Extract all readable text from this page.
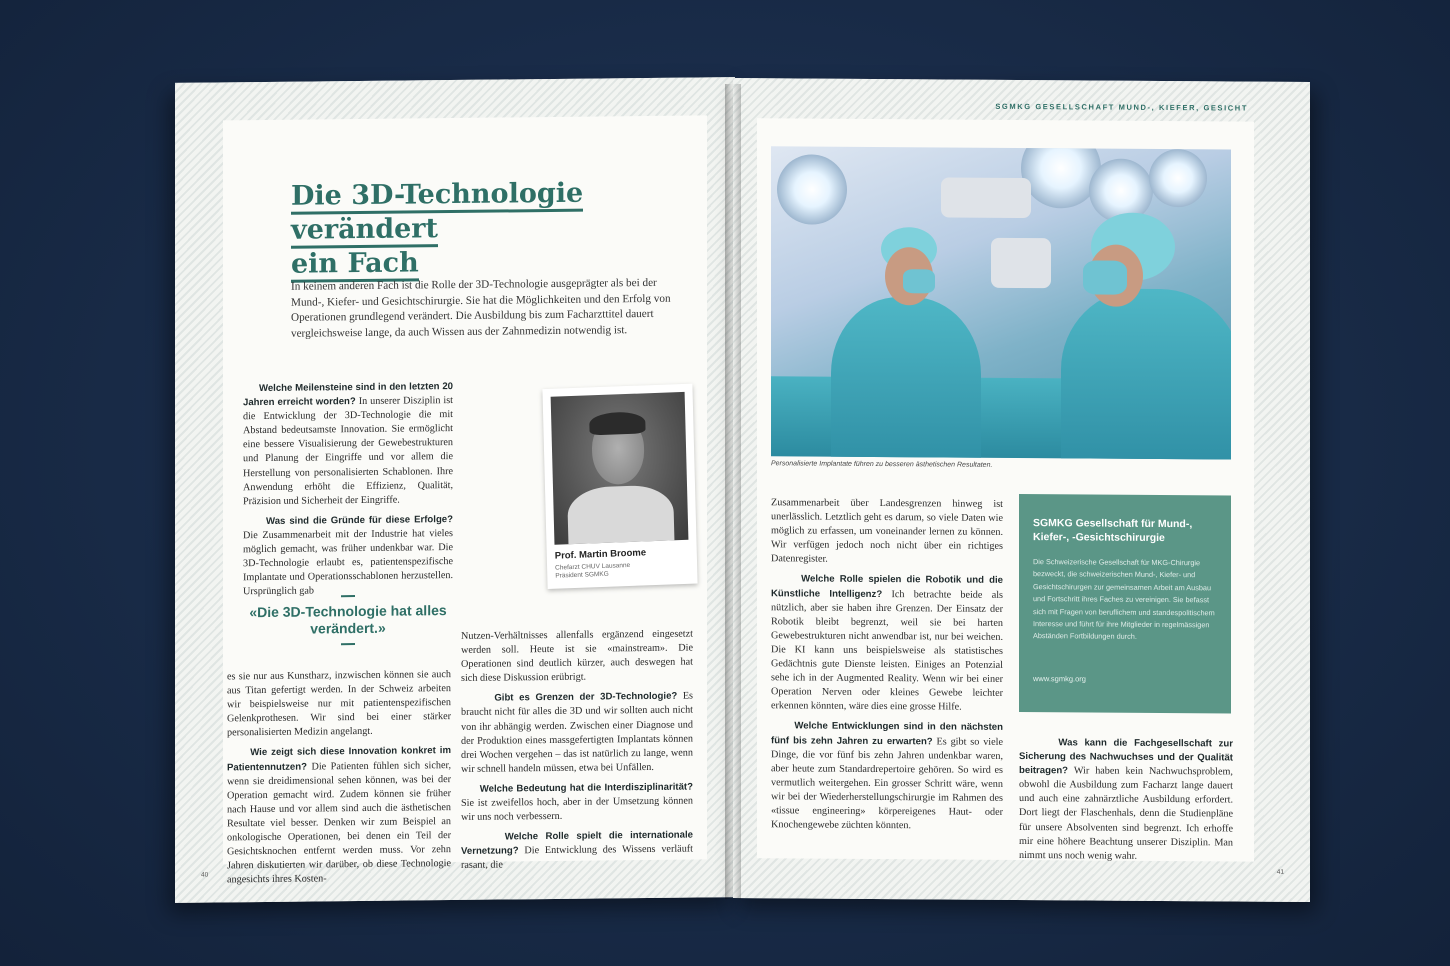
Die 3D-Technologie verändert
ein Fach
In keinem anderen Fach ist die Rolle der 3D-Technologie ausgeprägter als bei der Mund-, Kiefer- und Gesichtschirurgie. Sie hat die Möglichkeiten und den Erfolg von Operationen grundlegend verändert. Die Ausbildung bis zum Facharzttitel dauert vergleichsweise lange, da auch Wissen aus der Zahnmedizin notwendig ist.
Welche Meilensteine sind in den letzten 20 Jahren erreicht worden? In unserer Disziplin ist die Entwicklung der 3D-Technologie die mit Abstand bedeutsamste Innovation. Sie ermöglicht eine bessere Visualisierung der Gewebestrukturen und Planung der Eingriffe und vor allem die Herstellung von personalisierten Schablonen. Ihre Anwendung erhöht die Effizienz, Qualität, Präzision und Sicherheit der Eingriffe.

Was sind die Gründe für diese Erfolge? Die Zusammenarbeit mit der Industrie hat vieles möglich gemacht, was früher undenkbar war. Die 3D-Technologie erlaubt es, patientenspezifische Implantate und Operationsschablonen herzustellen. Ursprünglich gab
«Die 3D-Technologie hat alles verändert.»
es sie nur aus Kunstharz, inzwischen können sie auch aus Titan gefertigt werden. In der Schweiz arbeiten wir beispielsweise nur mit patientenspezifischen Gelenkprothesen. Wir sind bei einer stärker personalisierten Medizin angelangt.

Wie zeigt sich diese Innovation konkret im Patientennutzen? Die Patienten fühlen sich sicher, wenn sie dreidimensional sehen können, was bei der Operation gemacht wird. Zudem können sie früher nach Hause und vor allem sind auch die ästhetischen Resultate viel besser. Denken wir zum Beispiel an onkologische Operationen, bei denen ein Teil der Gesichtsknochen entfernt werden muss. Vor zehn Jahren diskutierten wir darüber, ob diese Technologie angesichts ihres Kosten-
Prof. Martin Broome
Chefarzt CHUV Lausanne
Präsident SGMKG
Nutzen-Verhältnisses allenfalls ergänzend eingesetzt werden soll. Heute ist sie «mainstream». Die Operationen sind deutlich kürzer, auch deswegen hat sich diese Diskussion erübrigt.

Gibt es Grenzen der 3D-Technologie? Es braucht nicht für alles die 3D und wir sollten auch nicht von ihr abhängig werden. Zwischen einer Diagnose und der Produktion eines massgefertigten Implantats können drei Wochen vergehen – das ist natürlich zu lange, wenn wir schnell handeln müssen, etwa bei Unfällen.

Welche Bedeutung hat die Interdisziplinarität? Sie ist zweifellos hoch, aber in der Umsetzung können wir uns noch verbessern.

Welche Rolle spielt die internationale Vernetzung? Die Entwicklung des Wissens verläuft rasant, die
40
SGMKG GESELLSCHAFT MUND-, KIEFER, GESICHT
Personalisierte Implantate führen zu besseren ästhetischen Resultaten.
Zusammenarbeit über Landesgrenzen hinweg ist unerlässlich. Letztlich geht es darum, so viele Daten wie möglich zu erfassen, um voneinander lernen zu können. Wir verfügen jedoch noch nicht über ein richtiges Datenregister.

Welche Rolle spielen die Robotik und die Künstliche Intelligenz? Ich betrachte beide als nützlich, aber sie haben ihre Grenzen. Der Einsatz der Robotik bleibt begrenzt, weil sie bei harten Gewebestrukturen nicht anwendbar ist, nur bei weichen. Die KI kann uns beispielsweise als statistisches Gedächtnis gute Dienste leisten. Einiges an Potenzial sehe ich in der Augmented Reality. Wenn wir bei einer Operation Nerven oder kleines Gewebe leichter erkennen könnten, wäre dies eine grosse Hilfe.

Welche Entwicklungen sind in den nächsten fünf bis zehn Jahren zu erwarten? Es gibt so viele Dinge, die vor fünf bis zehn Jahren undenkbar waren, aber heute zum Standardrepertoire gehören. So wird es vermutlich weitergehen. Ein grosser Schritt wäre, wenn wir bei der Wiederherstellungschirurgie im Rahmen des «tissue engineering» körpereigenes Haut- oder Knochengewebe züchten könnten.
SGMKG Gesellschaft für Mund-, Kiefer-, -Gesichtschirurgie
Die Schweizerische Gesellschaft für MKG-Chirurgie bezweckt, die schweizerischen Mund-, Kiefer- und Gesichtschirurgen zur gemeinsamen Arbeit am Ausbau und Fortschritt ihres Faches zu vereinigen. Sie befasst sich mit Fragen von beruflichem und standespolitischem Interesse und führt für ihre Mitglieder in regelmässigen Abständen Fortbildungen durch.
www.sgmkg.org
Was kann die Fachgesellschaft zur Sicherung des Nachwuchses und der Qualität beitragen? Wir haben kein Nachwuchsproblem, obwohl die Ausbildung zum Facharzt lange dauert und auch eine zahnärztliche Ausbildung erfordert. Dort liegt der Flaschenhals, denn die Studienpläne für unsere Absolventen sind begrenzt. Ich erhoffe mir eine höhere Beachtung unserer Disziplin. Man nimmt uns noch wenig wahr.
41
